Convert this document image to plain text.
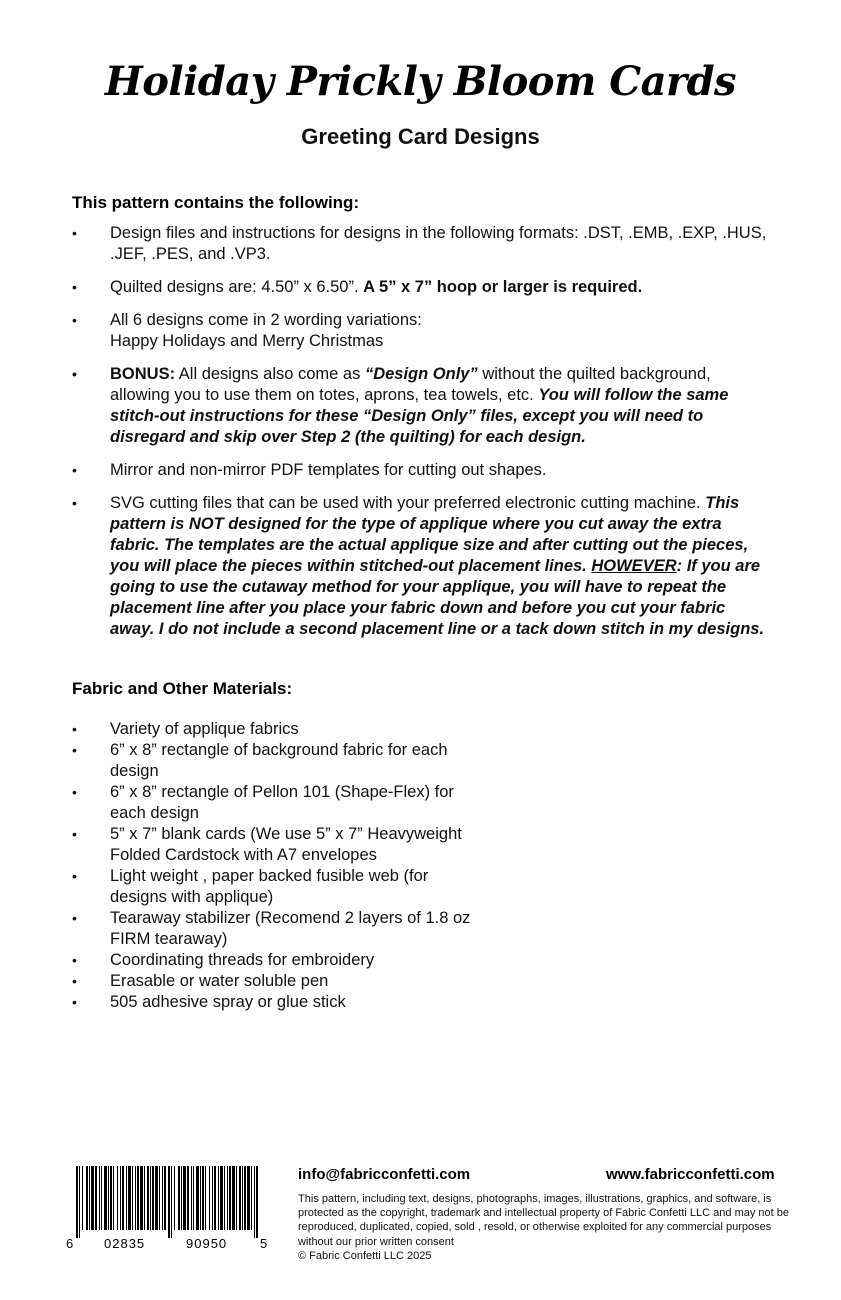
Holiday Prickly Bloom Cards
Greeting Card Designs
This pattern contains the following:
• Design files and instructions for designs in the following formats: .DST, .EMB, .EXP, .HUS, .JEF, .PES, and .VP3.

• Quilted designs are: 4.50” x 6.50”. A 5” x 7” hoop or larger is required.

• All 6 designs come in 2 wording variations:

Happy Holidays and Merry Christmas

• BONUS: All designs also come as “Design Only” without the quilted background, allowing you to use them on totes, aprons, tea towels, etc. You will follow the same stitch-out instructions for these “Design Only” files, except you will need to disregard and skip over Step 2 (the quilting) for each design.

• Mirror and non-mirror PDF templates for cutting out shapes.

• SVG cutting files that can be used with your preferred electronic cutting machine. This pattern is NOT designed for the type of applique where you cut away the extra fabric. The templates are the actual applique size and after cutting out the pieces, you will place the pieces within stitched-out placement lines. HOWEVER: If you are going to use the cutaway method for your applique, you will have to repeat the placement line after you place your fabric down and before you cut your fabric away. I do not include a second placement line or a tack down stitch in my designs.

Fabric and Other Materials:
• Variety of applique fabrics

• 6” x 8” rectangle of background fabric for each design

• 6” x 8” rectangle of Pellon 101 (Shape-Flex) for each design

• 5” x 7” blank cards (We use 5” x 7” Heavyweight Folded Cardstock with A7 envelopes

• Light weight , paper backed fusible web (for designs with applique)

• Tearaway stabilizer (Recomend 2 layers of 1.8 oz FIRM tearaway)

• Coordinating threads for embroidery

• Erasable or water soluble pen

• 505 adhesive spray or glue stick

6 02835	90950	5
info@fabricconfetti.com	www.fabricconfetti.com
This pattern, including text, designs, photographs, images, illustrations, graphics, and software, is protected as the copyright, trademark and intellectual property of Fabric Confetti LLC and may not be reproduced, duplicated, copied, sold , resold, or otherwise exploited for any commercial purposes without our prior written consent
© Fabric Confetti LLC 2025
